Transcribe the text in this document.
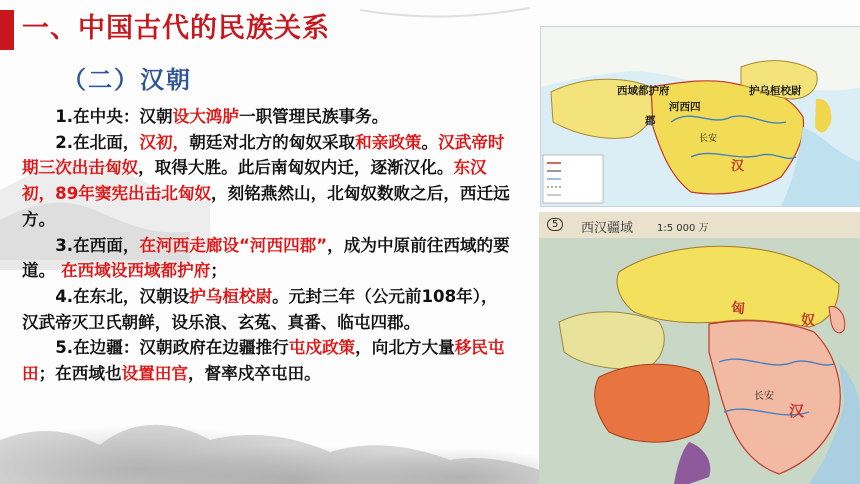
一、中国古代的民族关系
（二）汉朝

1.在中央：汉朝设大鸿胪一职管理民族事务。

2.在北面，汉初，朝廷对北方的匈奴采取和亲政策。汉武帝时期三次出击匈奴，取得大胜。此后南匈奴内迁，逐渐汉化。东汉初，89年窦宪出击北匈奴，刻铭燕然山，北匈奴数败之后，西迁远方。

3.在西面，在河西走廊设“河西四郡”，成为中原前往西域的要道。 在西域设西域都护府；

4.在东北，汉朝设护乌桓校尉。元封三年（公元前108年），汉武帝灭卫氏朝鲜，设乐浪、玄菟、真番、临屯四郡。

5.在边疆：汉朝政府在边疆推行屯戍政策，向北方大量移民屯田；在西域也设置田官，督率戍卒屯田。

西域都护府
河西四
郡
护乌桓校尉
长安
汉
5	西汉疆域 1:5 000 万
匈
奴
长安
汉
